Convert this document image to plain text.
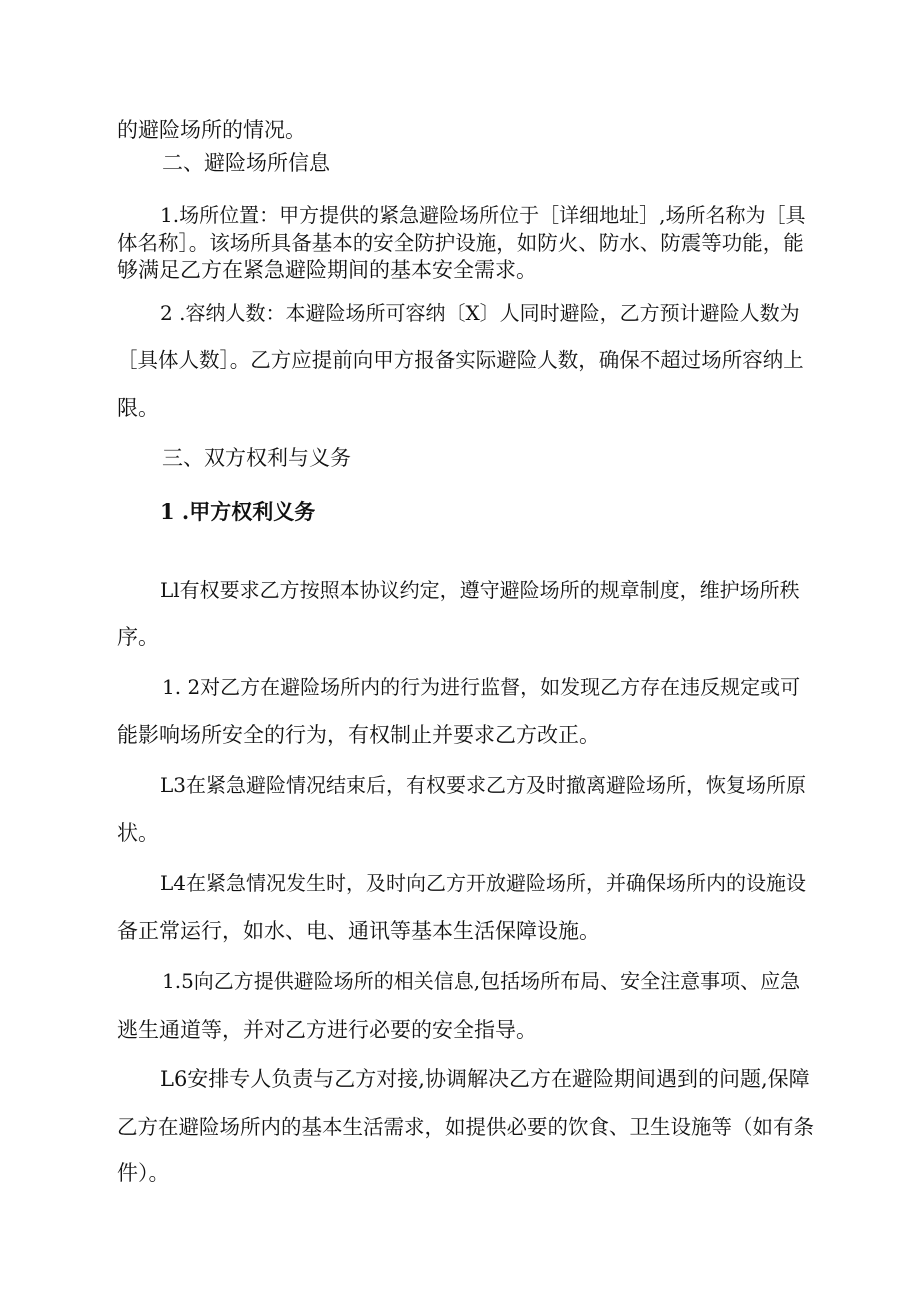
的避险场所的情况。

二、避险场所信息

1.场所位置：甲方提供的紧急避险场所位于［详细地址］,场所名称为［具

体名称］。该场所具备基本的安全防护设施，如防火、防水、防震等功能，能

够满足乙方在紧急避险期间的基本安全需求。

2 .容纳人数：本避险场所可容纳〔X〕人同时避险，乙方预计避险人数为

［具体人数］。乙方应提前向甲方报备实际避险人数，确保不超过场所容纳上

限。

三、双方权利与义务

1 .甲方权利义务

Ll有权要求乙方按照本协议约定，遵守避险场所的规章制度，维护场所秩

序。

1. 2对乙方在避险场所内的行为进行监督，如发现乙方存在违反规定或可

能影响场所安全的行为，有权制止并要求乙方改正。

L3在紧急避险情况结束后，有权要求乙方及时撤离避险场所，恢复场所原

状。

L4在紧急情况发生时，及时向乙方开放避险场所，并确保场所内的设施设

备正常运行，如水、电、通讯等基本生活保障设施。

1.5向乙方提供避险场所的相关信息,包括场所布局、安全注意事项、应急

逃生通道等，并对乙方进行必要的安全指导。

L6安排专人负责与乙方对接,协调解决乙方在避险期间遇到的问题,保障

乙方在避险场所内的基本生活需求，如提供必要的饮食、卫生设施等（如有条

件）。
